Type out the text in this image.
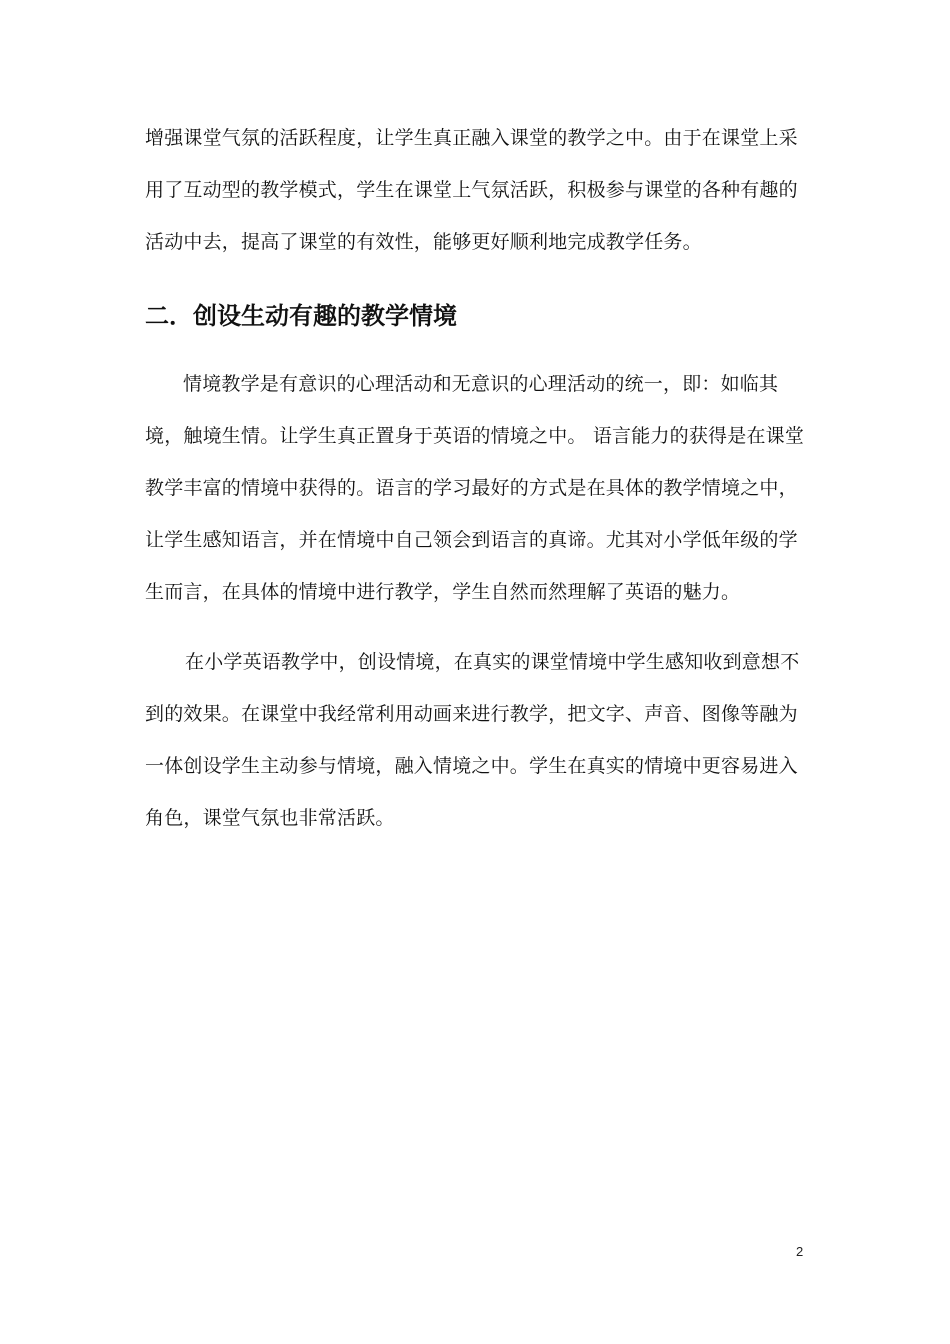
增强课堂气氛的活跃程度，让学生真正融入课堂的教学之中。由于在课堂上采用了互动型的教学模式，学生在课堂上气氛活跃，积极参与课堂的各种有趣的活动中去，提高了课堂的有效性，能够更好顺利地完成教学任务。

二．创设生动有趣的教学情境

情境教学是有意识的心理活动和无意识的心理活动的统一，即：如临其境，触境生情。让学生真正置身于英语的情境之中。 语言能力的获得是在课堂教学丰富的情境中获得的。语言的学习最好的方式是在具体的教学情境之中，让学生感知语言，并在情境中自己领会到语言的真谛。尤其对小学低年级的学生而言，在具体的情境中进行教学，学生自然而然理解了英语的魅力。

在小学英语教学中，创设情境，在真实的课堂情境中学生感知收到意想不到的效果。在课堂中我经常利用动画来进行教学，把文字、声音、图像等融为一体创设学生主动参与情境，融入情境之中。学生在真实的情境中更容易进入角色，课堂气氛也非常活跃。

2
